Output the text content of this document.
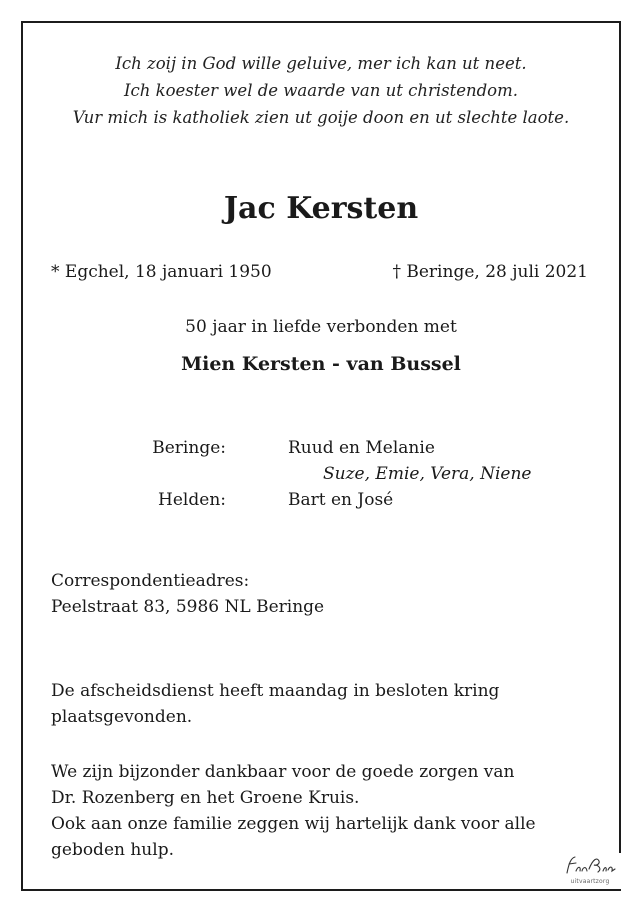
Ich zoij in God wille geluive, mer ich kan ut neet.
Ich koester wel de waarde van ut christendom.
Vur mich is katholiek zien ut goije doon en ut slechte laote.
Jac Kersten
* Egchel, 18 januari 1950	† Beringe, 28 juli 2021
50 jaar in liefde verbonden met
Mien Kersten - van Bussel
Beringe:	Ruud en Melanie
Suze, Emie, Vera, Niene
Helden:	Bart en José
Correspondentieadres:
Peelstraat 83, 5986 NL Beringe
De afscheidsdienst heeft maandag in besloten kring plaatsgevonden.
We zijn bijzonder dankbaar voor de goede zorgen van
Dr. Rozenberg en het Groene Kruis.
Ook aan onze familie zeggen wij hartelijk dank voor alle
geboden hulp.
uitvaartzorg
